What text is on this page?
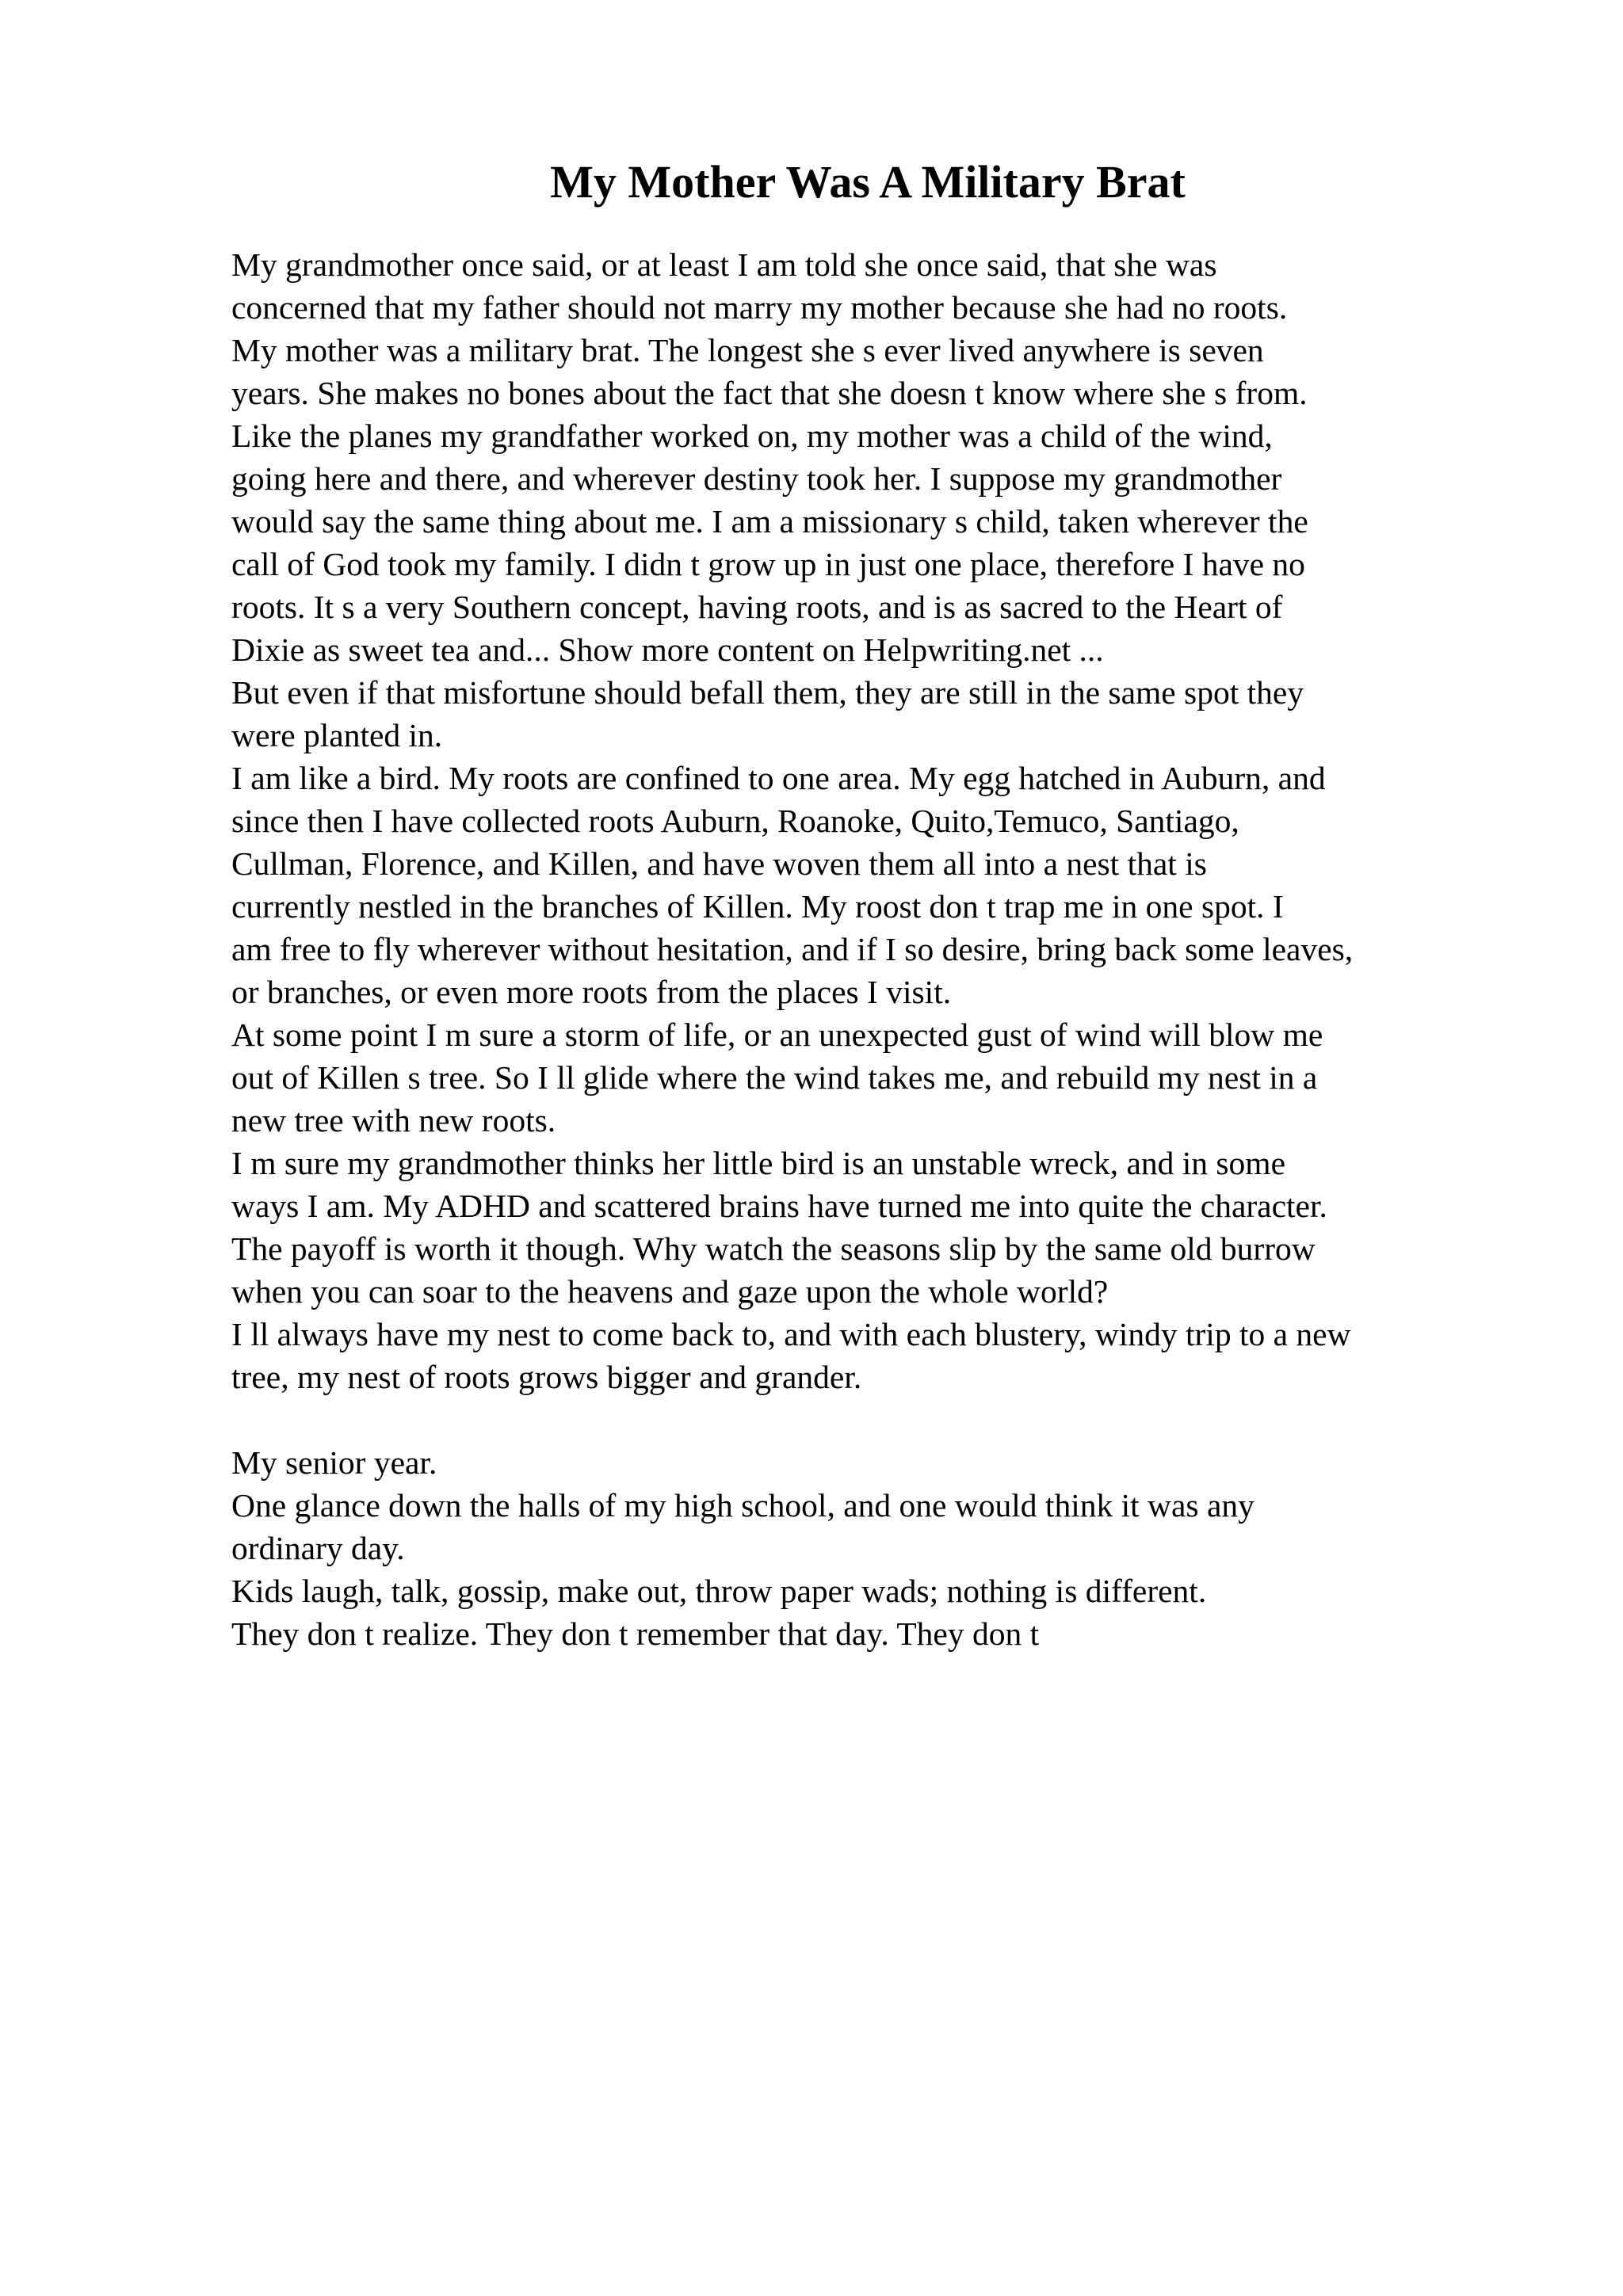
My Mother Was A Military Brat
My grandmother once said, or at least I am told she once said, that she was
concerned that my father should not marry my mother because she had no roots.
My mother was a military brat. The longest she s ever lived anywhere is seven
years. She makes no bones about the fact that she doesn t know where she s from.
Like the planes my grandfather worked on, my mother was a child of the wind,
going here and there, and wherever destiny took her. I suppose my grandmother
would say the same thing about me. I am a missionary s child, taken wherever the
call of God took my family. I didn t grow up in just one place, therefore I have no
roots. It s a very Southern concept, having roots, and is as sacred to the Heart of
Dixie as sweet tea and... Show more content on Helpwriting.net ...
But even if that misfortune should befall them, they are still in the same spot they
were planted in.
I am like a bird. My roots are confined to one area. My egg hatched in Auburn, and
since then I have collected roots Auburn, Roanoke, Quito,Temuco, Santiago,
Cullman, Florence, and Killen, and have woven them all into a nest that is
currently nestled in the branches of Killen. My roost don t trap me in one spot. I
am free to fly wherever without hesitation, and if I so desire, bring back some leaves,
or branches, or even more roots from the places I visit.
At some point I m sure a storm of life, or an unexpected gust of wind will blow me
out of Killen s tree. So I ll glide where the wind takes me, and rebuild my nest in a
new tree with new roots.
I m sure my grandmother thinks her little bird is an unstable wreck, and in some
ways I am. My ADHD and scattered brains have turned me into quite the character.
The payoff is worth it though. Why watch the seasons slip by the same old burrow
when you can soar to the heavens and gaze upon the whole world?
I ll always have my nest to come back to, and with each blustery, windy trip to a new
tree, my nest of roots grows bigger and grander.
My senior year.
One glance down the halls of my high school, and one would think it was any
ordinary day.
Kids laugh, talk, gossip, make out, throw paper wads; nothing is different.
They don t realize. They don t remember that day. They don t
